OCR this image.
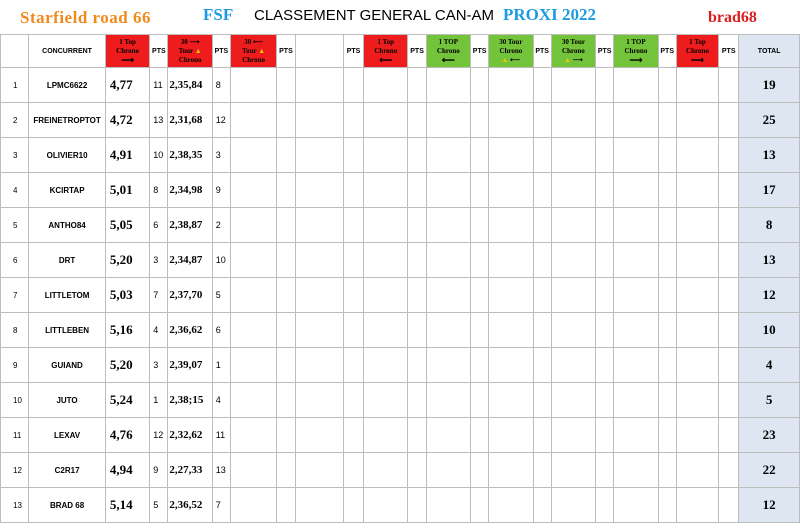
Starfield road 66	FSF CLASSEMENT GENERAL CAN-AM PROXI 2022	brad68
	CONCURRENT	1 Top
Chrono
⟶	PTS	30 ⟶
Tour ▲
Chrono	PTS	30 ⟵
Tour ▲
Chrono	PTS		PTS	1 Top
Chrono
⟵	PTS	1 TOP
Chrono
⟵	PTS	30 Tour
Chrono
▲ ⟵	PTS	30 Tour
Chrono
▲ ⟶	PTS	1 TOP
Chrono
⟶	PTS	1 Top
Chrono
⟶	PTS	TOTAL
1	LPMC6622	4,77	11	2,35,84	8																	19
2	FREINETROPTOT	4,72	13	2,31,68	12																	25
3	OLIVIER10	4,91	10	2,38,35	3																	13
4	KCIRTAP	5,01	8	2,34,98	9																	17
5	ANTHO84	5,05	6	2,38,87	2																	8
6	DRT	5,20	3	2,34,87	10																	13
7	LITTLETOM	5,03	7	2,37,70	5																	12
8	LITTLEBEN	5,16	4	2,36,62	6																	10
9	GUIAND	5,20	3	2,39,07	1																	4
10	JUTO	5,24	1	2,38;15	4																	5
11	LEXAV	4,76	12	2,32,62	11																	23
12	C2R17	4,94	9	2,27,33	13																	22
13	BRAD 68	5,14	5	2,36,52	7																	12
